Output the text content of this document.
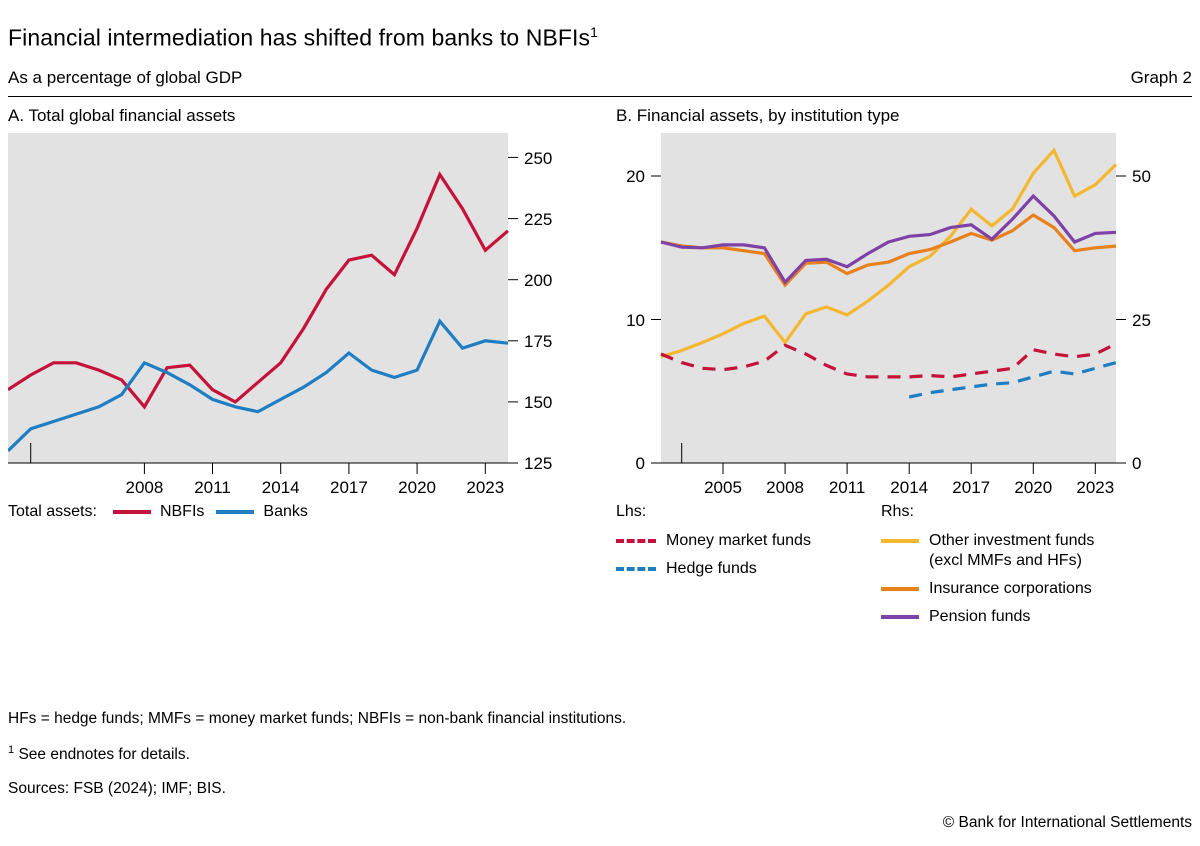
Financial intermediation has shifted from banks to NBFIs$^1$
As a percentage of global GDP	Graph 2
A. Total global financial assets
2008 2011 2014 2017 2020 2023
125
150
175
200
225
250
Total assets:	NBFIs	Banks
B. Financial assets, by institution type
2005 2008 2011 2014 2017 2020 2023
0
10
20
0
25
50
Lhs:
Money market funds
Hedge funds
Rhs:
Other investment funds
(excl MMFs and HFs)
Insurance corporations
Pension funds
HFs = hedge funds; MMFs = money market funds; NBFIs = non-bank financial institutions.
$^1$ See endnotes for details.
Sources: FSB (2024); IMF; BIS.
© Bank for International Settlements
